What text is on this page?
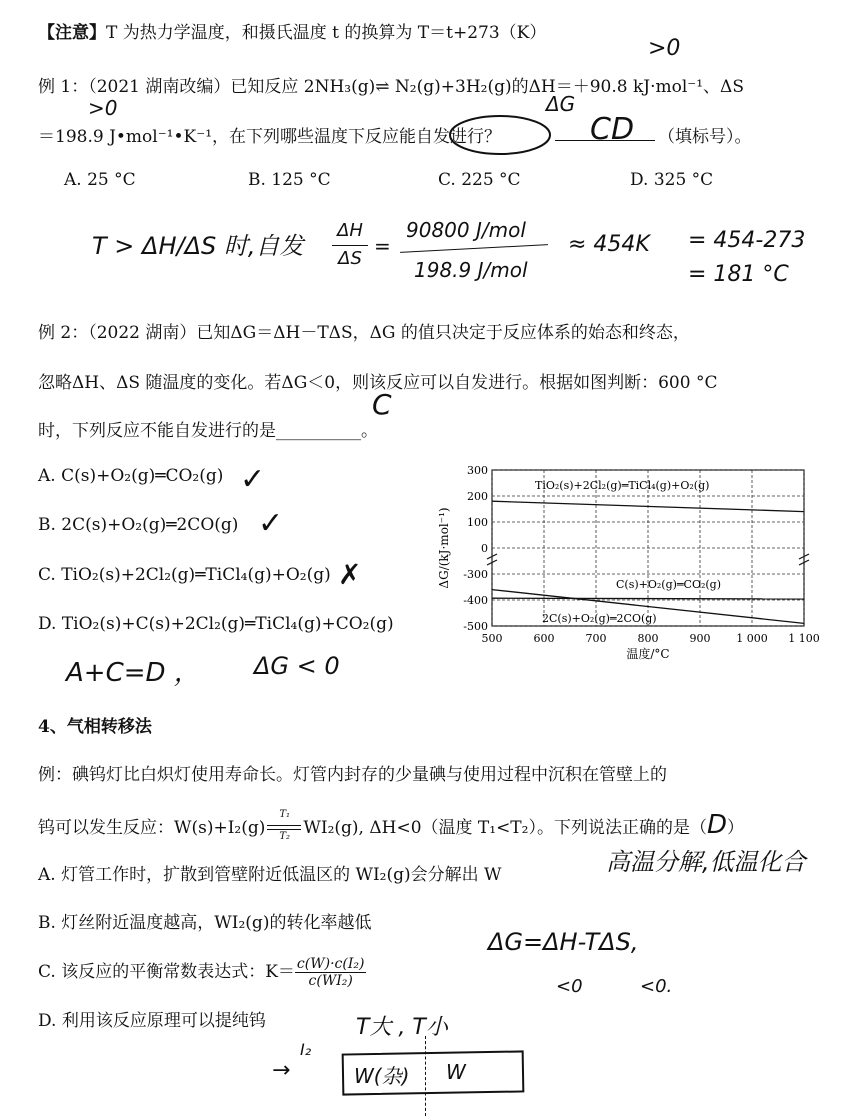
【注意】T 为热力学温度，和摄氏温度 t 的换算为 T＝t+273（K）
>0
例 1：（2021 湖南改编）已知反应 2NH₃(g)⇌ N₂(g)+3H₂(g)的ΔH＝＋90.8 kJ·mol⁻¹、ΔS
>0	ΔG
＝198.9 J•mol⁻¹•K⁻¹，在下列哪些温度下反应能自发进行？	CD （填标号）。
A. 25 °C	B. 125 °C	C. 225 °C	D. 325 °C
T > ΔH/ΔS 时,自发
ΔH
ΔS
=
90800 J/mol
198.9 J/mol
≈ 454K = 454-273
= 181 °C
例 2：（2022 湖南）已知ΔG＝ΔH－TΔS，ΔG 的值只决定于反应体系的始态和终态，
忽略ΔH、ΔS 随温度的变化。若ΔG＜0，则该反应可以自发进行。根据如图判断：600 °C
C
时，下列反应不能自发进行的是__________。
A. C(s)+O₂(g)═CO₂(g) ✓
B. 2C(s)+O₂(g)═2CO(g) ✓
C. TiO₂(s)+2Cl₂(g)═TiCl₄(g)+O₂(g) ✗
D. TiO₂(s)+C(s)+2Cl₂(g)═TiCl₄(g)+CO₂(g)
A+C=D ， ΔG < 0
300
200
100
0
-300
-400
-500
500	600	700	800	900 1 000 1 100
TiO₂(s)+2Cl₂(g)═TiCl₄(g)+O₂(g)
C(s)+O₂(g)═CO₂(g)
2C(s)+O₂(g)═2CO(g)
温度/°C
ΔG/(kJ·mol⁻¹)
4、气相转移法
例：碘钨灯比白炽灯使用寿命长。灯管内封存的少量碘与使用过程中沉积在管壁上的
钨可以发生反应：$W(s)+I_2(g) \frac{\text{T₁}}{\text{T₂}} WI_2(g)$, ΔH<0（温度 T₁<T₂）。下列说法正确的是（D）
A. 灯管工作时，扩散到管壁附近低温区的 WI₂(g)会分解出 W	高温分解,低温化合
B. 灯丝附近温度越高，WI₂(g)的转化率越低
C. 该反应的平衡常数表达式：$K= \frac{\text{c(W)·c(I₂)}}{\text{c(WI₂)}}$
ΔG=ΔH-TΔS,
<0	<0.
D. 利用该反应原理可以提纯钨	T大 , T小
I₂
→	W(杂) W
